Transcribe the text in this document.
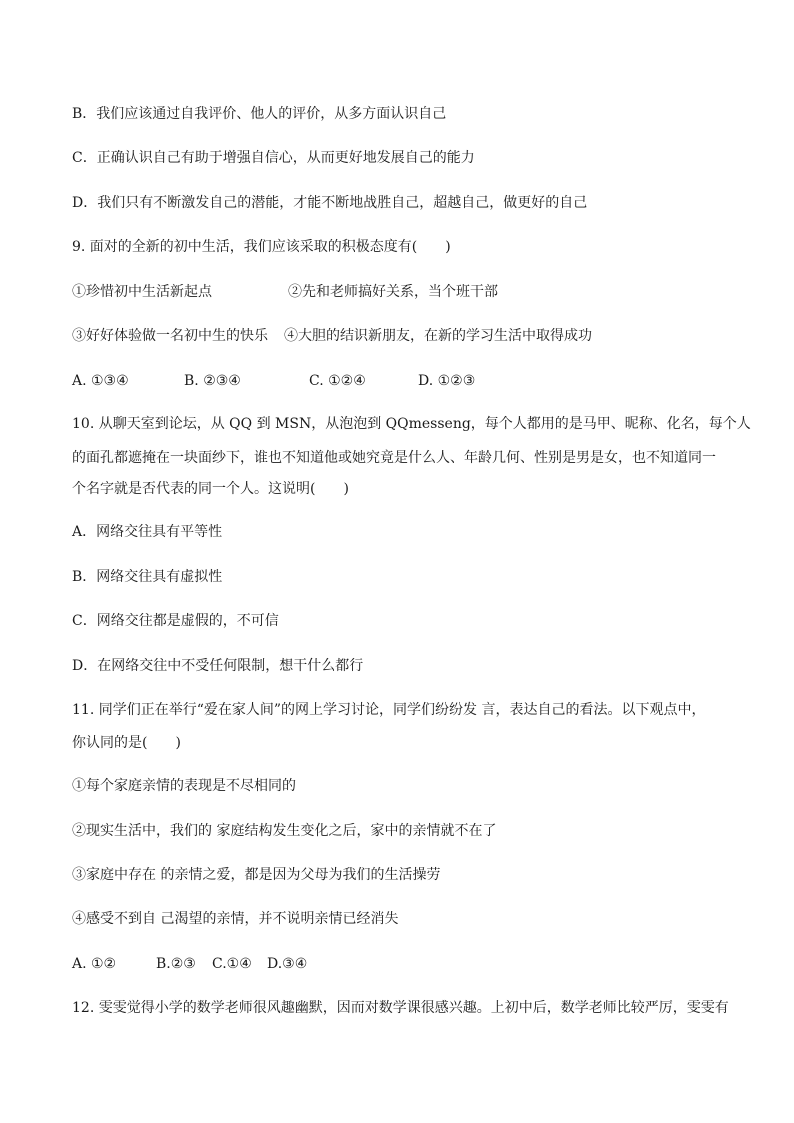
B．我们应该通过自我评价、他人的评价，从多方面认识自己
C．正确认识自己有助于增强自信心，从而更好地发展自己的能力
D．我们只有不断激发自己的潜能，才能不断地战胜自己，超越自己，做更好的自己
9. 面对的全新的初中生活，我们应该采取的积极态度有(　　)
①珍惜初中生活新起点	②先和老师搞好关系，当个班干部
③好好体验做一名初中生的快乐 ④大胆的结识新朋友，在新的学习生活中取得成功
A. ①③④	B. ②③④	C. ①②④	D. ①②③
10. 从聊天室到论坛，从 QQ 到 MSN，从泡泡到 QQmesseng，每个人都用的是马甲、昵称、化名，每个人
的面孔都遮掩在一块面纱下，谁也不知道他或她究竟是什么人、年龄几何、性别是男是女，也不知道同一
个名字就是否代表的同一个人。这说明(　　)
A．网络交往具有平等性
B．网络交往具有虚拟性
C．网络交往都是虚假的，不可信
D．在网络交往中不受任何限制，想干什么都行
11. 同学们正在举行“爱在家人间”的网上学习讨论，同学们纷纷发 言，表达自己的看法。以下观点中，
你认同的是(　　)
①每个家庭亲情的表现是不尽相同的
②现实生活中，我们的 家庭结构发生变化之后，家中的亲情就不在了
③家庭中存在 的亲情之爱，都是因为父母为我们的生活操劳
④感受不到自 己渴望的亲情，并不说明亲情已经消失
A. ①②	B.②③ C.①④ D.③④
12. 雯雯觉得小学的数学老师很风趣幽默，因而对数学课很感兴趣。上初中后，数学老师比较严厉，雯雯有
